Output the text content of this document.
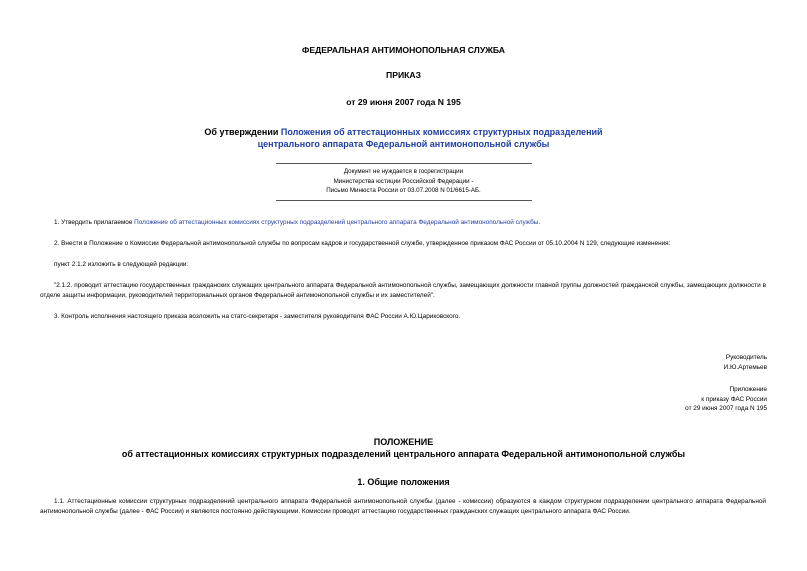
ФЕДЕРАЛЬНАЯ АНТИМОНОПОЛЬНАЯ СЛУЖБА
ПРИКАЗ
от 29 июня 2007 года N 195
Об утверждении Положения об аттестационных комиссиях структурных подразделений
центрального аппарата Федеральной антимонопольной службы
Документ не нуждается в госрегистрации
Министерства юстиции Российской Федерации -
Письмо Минюста России от 03.07.2008 N 01/6615-АБ.
1. Утвердить прилагаемое Положение об аттестационных комиссиях структурных подразделений центрального аппарата Федеральной антимонопольной службы.
2. Внести в Положение о Комиссии Федеральной антимонопольной службы по вопросам кадров и государственной службе, утвержденное приказом ФАС России от 05.10.2004 N 129, следующие изменения:
пункт 2.1.2 изложить в следующей редакции:
"2.1.2. проводит аттестацию государственных гражданских служащих центрального аппарата Федеральной антимонопольной службы, замещающих должности главной группы должностей гражданской службы, замещающих должности в отделе защиты информации, руководителей территориальных органов Федеральной антимонопольной службы и их заместителей".
3. Контроль исполнения настоящего приказа возложить на статс-секретаря - заместителя руководителя ФАС России А.Ю.Цариковского.
Руководитель
И.Ю.Артемьев
Приложение
к приказу ФАС России
от 29 июня 2007 года N 195
ПОЛОЖЕНИЕ
об аттестационных комиссиях структурных подразделений центрального аппарата Федеральной антимонопольной службы
1. Общие положения
1.1. Аттестационные комиссии структурных подразделений центрального аппарата Федеральной антимонопольной службы (далее - комиссии) образуются в каждом структурном подразделении центрального аппарата Федеральной антимонопольной службы (далее - ФАС России) и являются постоянно действующими. Комиссии проводят аттестацию государственных гражданских служащих центрального аппарата ФАС России.
